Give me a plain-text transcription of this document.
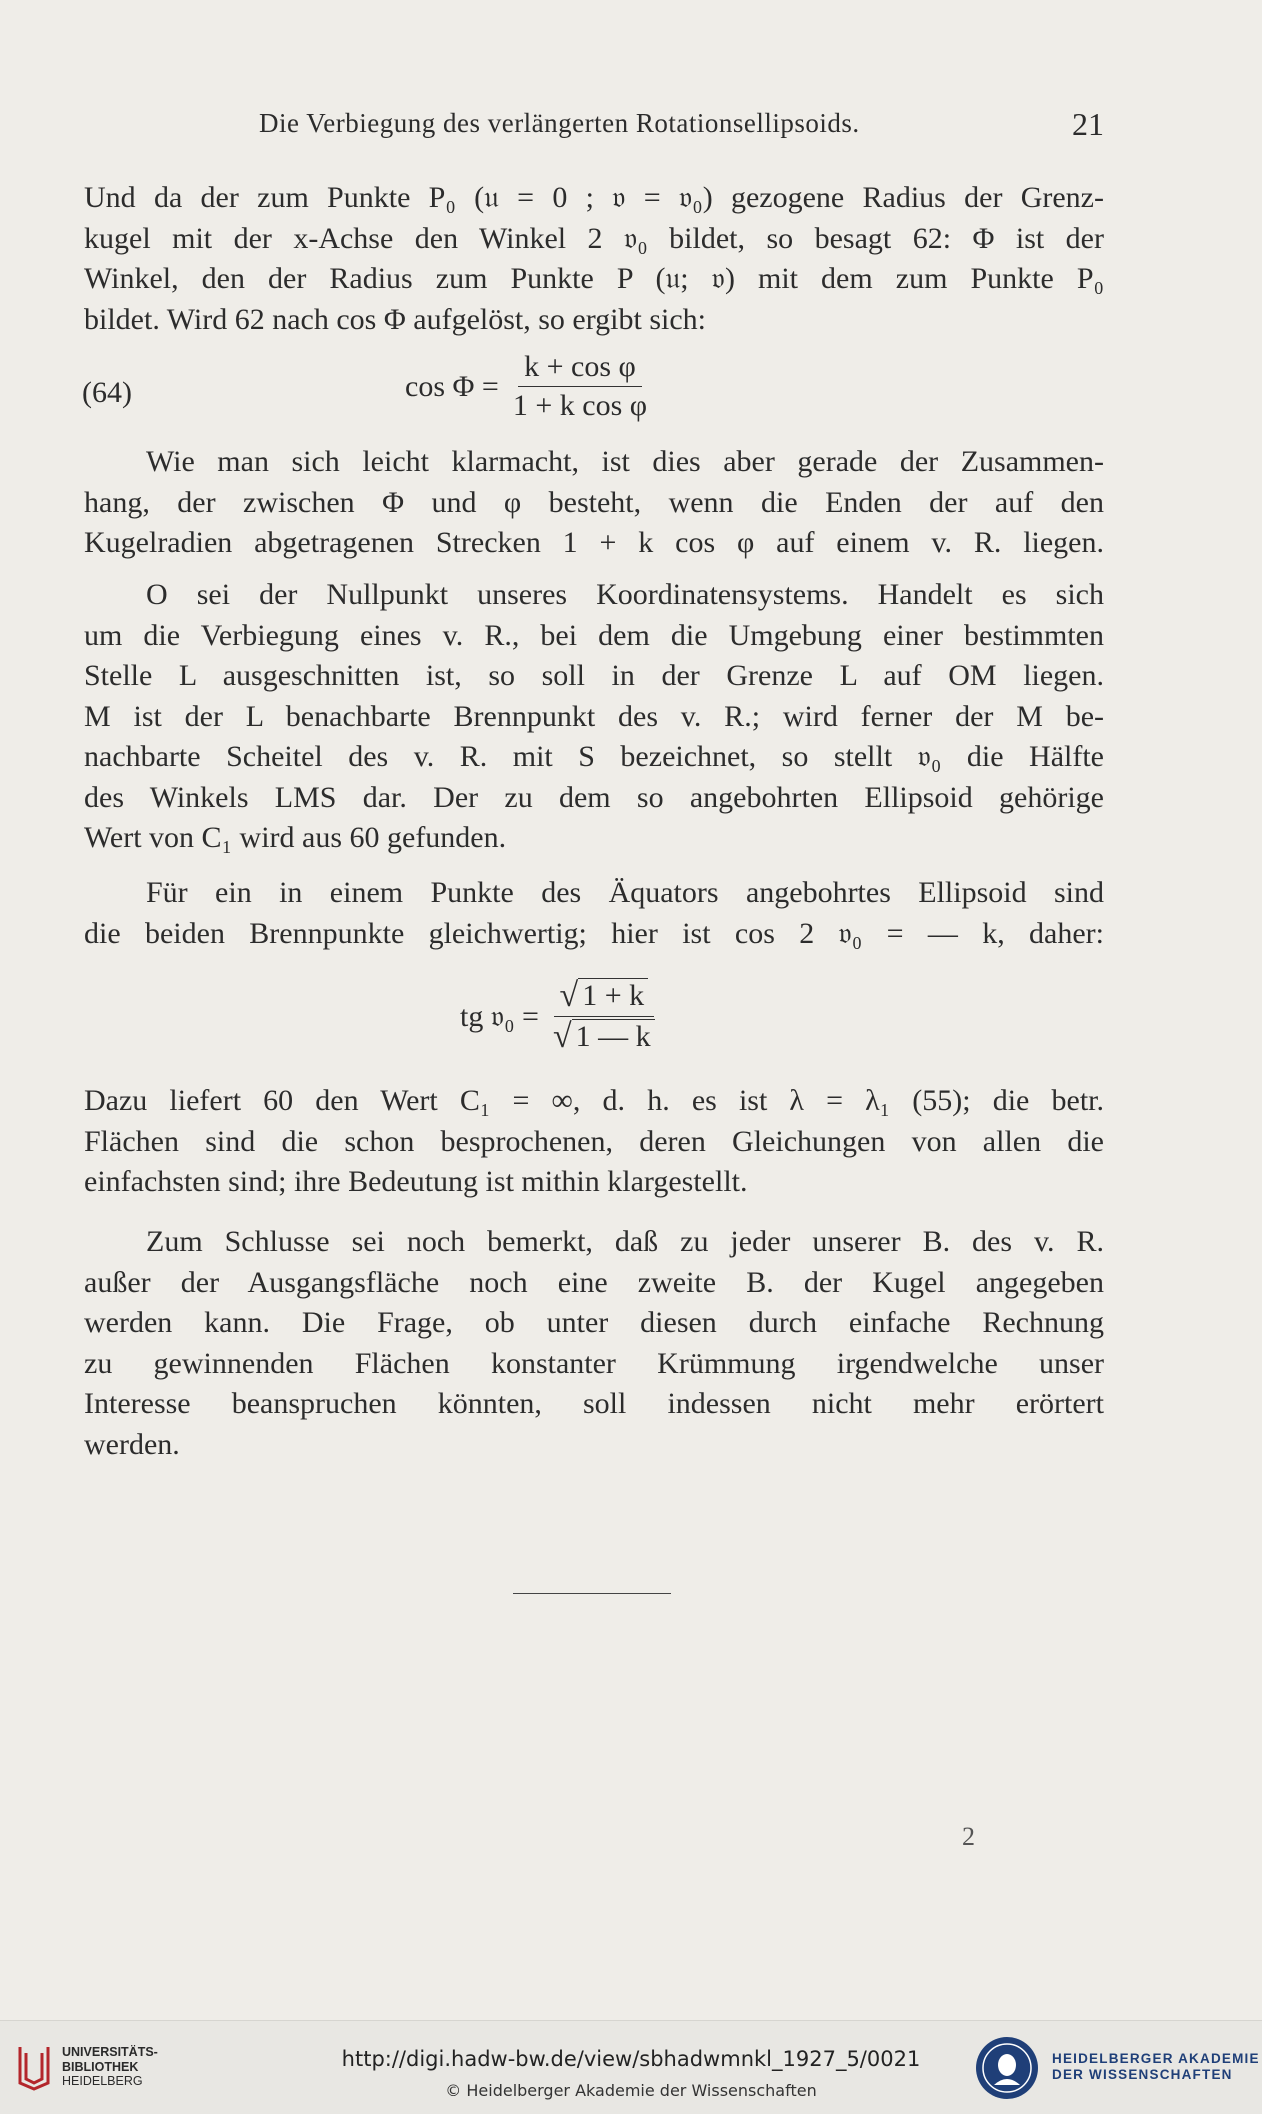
Die Verbiegung des verlängerten Rotationsellipsoids.	21
Und da der zum Punkte P₀ (𝔲 = 0 ; 𝔳 = 𝔳₀) gezogene Radius der Grenz-
kugel mit der x-Achse den Winkel 2 𝔳₀ bildet, so besagt 62: Φ ist der
Winkel, den der Radius zum Punkte P (𝔲; 𝔳) mit dem zum Punkte P₀
bildet. Wird 62 nach cos Φ aufgelöst, so ergibt sich:
(64)	$\cos \Phi = \frac{\text{k + cos φ}}{\text{1 + k cos φ}}$
Wie man sich leicht klarmacht, ist dies aber gerade der Zusammen-
hang, der zwischen Φ und φ besteht, wenn die Enden der auf den
Kugelradien abgetragenen Strecken 1 + k cos φ auf einem v. R. liegen.
O sei der Nullpunkt unseres Koordinatensystems. Handelt es sich
um die Verbiegung eines v. R., bei dem die Umgebung einer bestimmten
Stelle L ausgeschnitten ist, so soll in der Grenze L auf OM liegen.
M ist der L benachbarte Brennpunkt des v. R.; wird ferner der M be-
nachbarte Scheitel des v. R. mit S bezeichnet, so stellt 𝔳₀ die Hälfte
des Winkels LMS dar. Der zu dem so angebohrten Ellipsoid gehörige
Wert von C₁ wird aus 60 gefunden.
Für ein in einem Punkte des Äquators angebohrtes Ellipsoid sind
die beiden Brennpunkte gleichwertig; hier ist cos 2 𝔳₀ = — k, daher:
tg 𝔳₀ = $\frac{√ 1 + k}{√ 1 — k}$
Dazu liefert 60 den Wert C₁ = ∞, d. h. es ist λ = λ₁ (55); die betr.
Flächen sind die schon besprochenen, deren Gleichungen von allen die
einfachsten sind; ihre Bedeutung ist mithin klargestellt.
Zum Schlusse sei noch bemerkt, daß zu jeder unserer B. des v. R.
außer der Ausgangsfläche noch eine zweite B. der Kugel angegeben
werden kann. Die Frage, ob unter diesen durch einfache Rechnung
zu gewinnenden Flächen konstanter Krümmung irgendwelche unser
Interesse beanspruchen könnten, soll indessen nicht mehr erörtert
werden.
2
UNIVERSITÄTS-
BIBLIOTHEK
HEIDELBERG
http://digi.hadw-bw.de/view/sbhadwmnkl_1927_5/0021
© Heidelberger Akademie der Wissenschaften
HEIDELBERGER AKADEMIE
DER WISSENSCHAFTEN
